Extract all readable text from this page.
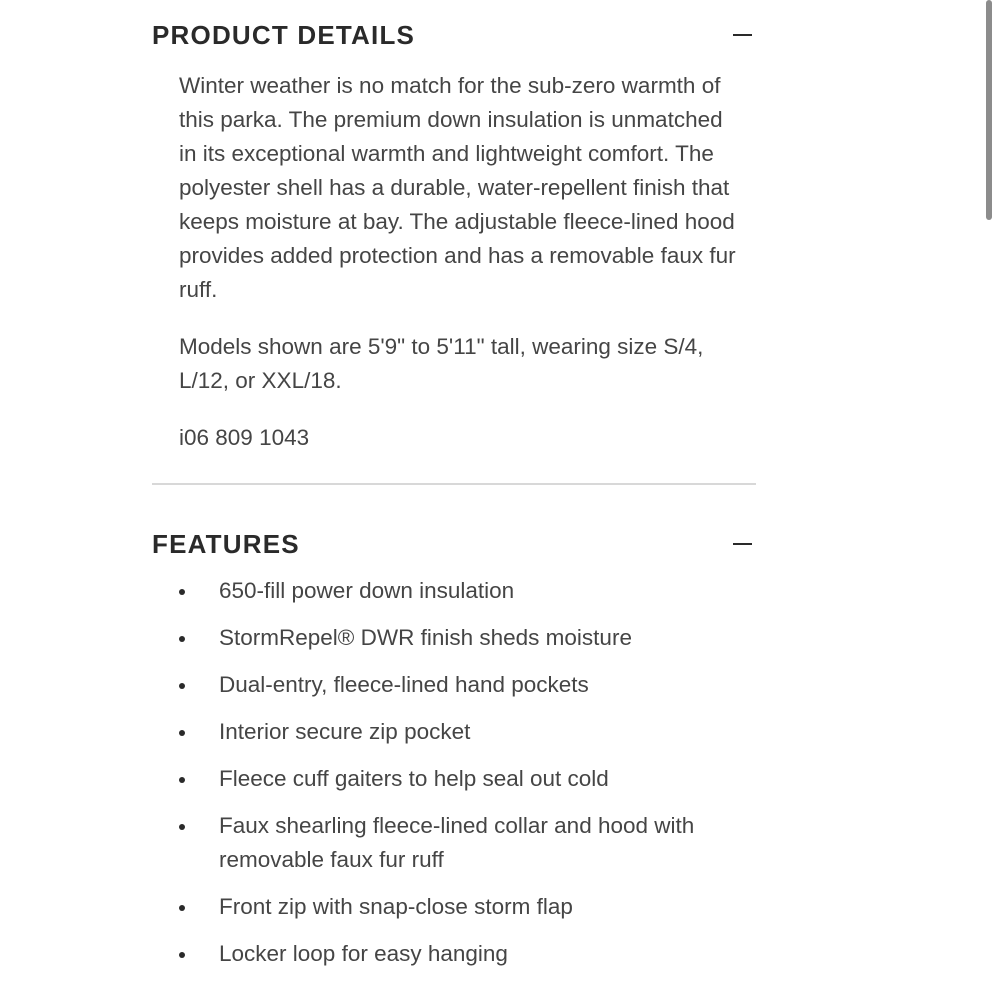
PRODUCT DETAILS

Winter weather is no match for the sub-zero warmth of this parka. The premium down insulation is unmatched in its exceptional warmth and lightweight comfort. The polyester shell has a durable, water-repellent finish that keeps moisture at bay. The adjustable fleece-lined hood provides added protection and has a removable faux fur ruff.

Models shown are 5'9" to 5'11" tall, wearing size S/4, L/12, or XXL/18.

i06 809 1043

FEATURES
650-fill power down insulation
StormRepel® DWR finish sheds moisture
Dual-entry, fleece-lined hand pockets
Interior secure zip pocket
Fleece cuff gaiters to help seal out cold
Faux shearling fleece-lined collar and hood with removable faux fur ruff
Front zip with snap-close storm flap
Locker loop for easy hanging
